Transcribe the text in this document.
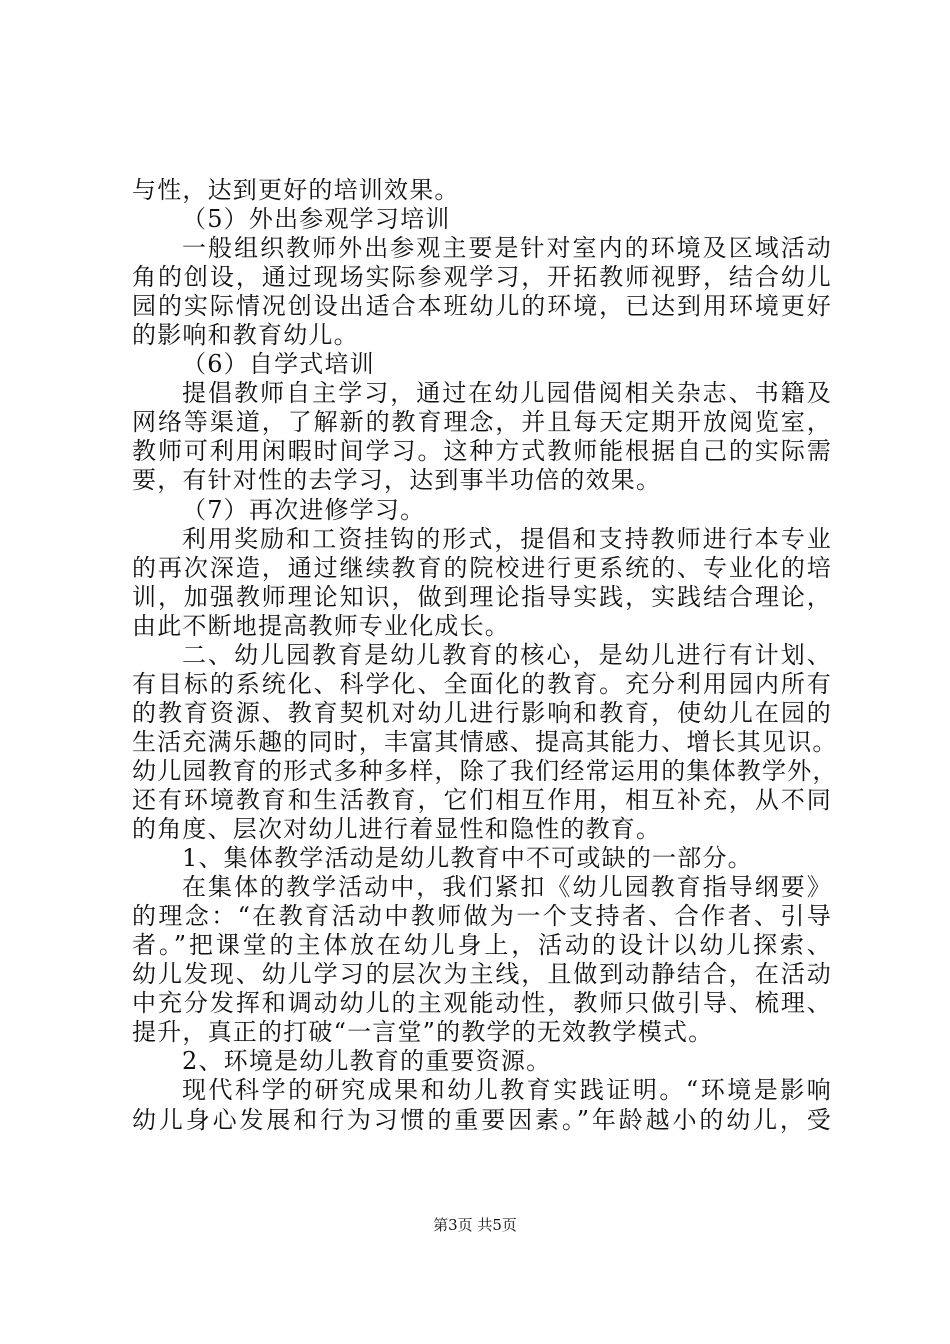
与性，达到更好的培训效果。
（5）外出参观学习培训
一般组织教师外出参观主要是针对室内的环境及区域活动
角的创设，通过现场实际参观学习，开拓教师视野，结合幼儿
园的实际情况创设出适合本班幼儿的环境，已达到用环境更好
的影响和教育幼儿。
（6）自学式培训
提倡教师自主学习，通过在幼儿园借阅相关杂志、书籍及
网络等渠道，了解新的教育理念，并且每天定期开放阅览室，
教师可利用闲暇时间学习。这种方式教师能根据自己的实际需
要，有针对性的去学习，达到事半功倍的效果。
（7）再次进修学习。
利用奖励和工资挂钩的形式，提倡和支持教师进行本专业
的再次深造，通过继续教育的院校进行更系统的、专业化的培
训，加强教师理论知识，做到理论指导实践，实践结合理论，
由此不断地提高教师专业化成长。
二、幼儿园教育是幼儿教育的核心，是幼儿进行有计划、
有目标的系统化、科学化、全面化的教育。充分利用园内所有
的教育资源、教育契机对幼儿进行影响和教育，使幼儿在园的
生活充满乐趣的同时，丰富其情感、提高其能力、增长其见识。
幼儿园教育的形式多种多样，除了我们经常运用的集体教学外，
还有环境教育和生活教育，它们相互作用，相互补充，从不同
的角度、层次对幼儿进行着显性和隐性的教育。
1、集体教学活动是幼儿教育中不可或缺的一部分。
在集体的教学活动中，我们紧扣《幼儿园教育指导纲要》
的理念：“在教育活动中教师做为一个支持者、合作者、引导
者。”把课堂的主体放在幼儿身上，活动的设计以幼儿探索、
幼儿发现、幼儿学习的层次为主线，且做到动静结合，在活动
中充分发挥和调动幼儿的主观能动性，教师只做引导、梳理、
提升，真正的打破“一言堂”的教学的无效教学模式。
2、环境是幼儿教育的重要资源。
现代科学的研究成果和幼儿教育实践证明。“环境是影响
幼儿身心发展和行为习惯的重要因素。”年龄越小的幼儿，受
第3页 共5页
